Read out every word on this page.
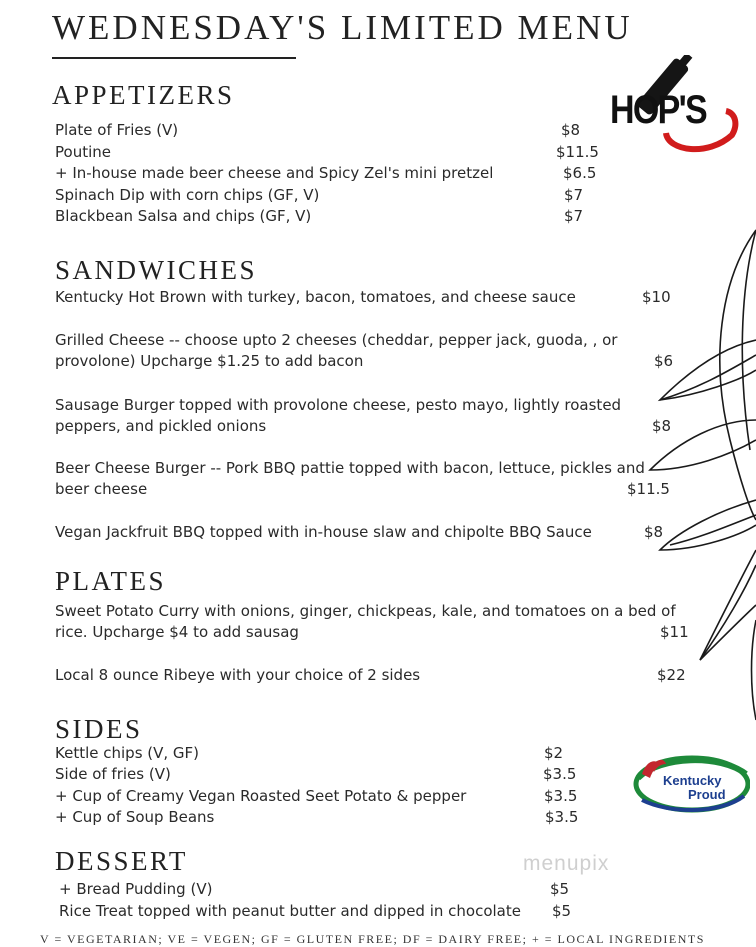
WEDNESDAY'S LIMITED MENU
HOP'S
APPETIZERS
Plate of Fries (V)	$8
Poutine	$11.5
+ In-house made beer cheese and Spicy Zel's mini pretzel	$6.5
Spinach Dip with corn chips (GF, V)	$7
Blackbean Salsa and chips (GF, V)	$7
SANDWICHES
Kentucky Hot Brown with turkey, bacon, tomatoes, and cheese sauce	$10
Grilled Cheese -- choose upto 2 cheeses (cheddar, pepper jack, guoda, , or provolone) Upcharge $1.25 to add bacon	$6
Sausage Burger topped with provolone cheese, pesto mayo, lightly roasted peppers, and pickled onions	$8
Beer Cheese Burger -- Pork BBQ pattie topped with bacon, lettuce, pickles and beer cheese	$11.5
Vegan Jackfruit BBQ topped with in-house slaw and chipolte BBQ Sauce	$8
PLATES
Sweet Potato Curry with onions, ginger, chickpeas, kale, and tomatoes on a bed of rice. Upcharge $4 to add sausag	$11
Local 8 ounce Ribeye with your choice of 2 sides	$22
SIDES
Kettle chips (V, GF)	$2
Side of fries (V)	$3.5
+ Cup of Creamy Vegan Roasted Seet Potato & pepper	$3.5
+ Cup of Soup Beans	$3.5
Kentucky
Proud
DESSERT
+ Bread Pudding (V)	$5
Rice Treat topped with peanut butter and dipped in chocolate $5
menupix
V = VEGETARIAN; VE = VEGEN; GF = GLUTEN FREE; DF = DAIRY FREE; + = LOCAL INGREDIENTS
